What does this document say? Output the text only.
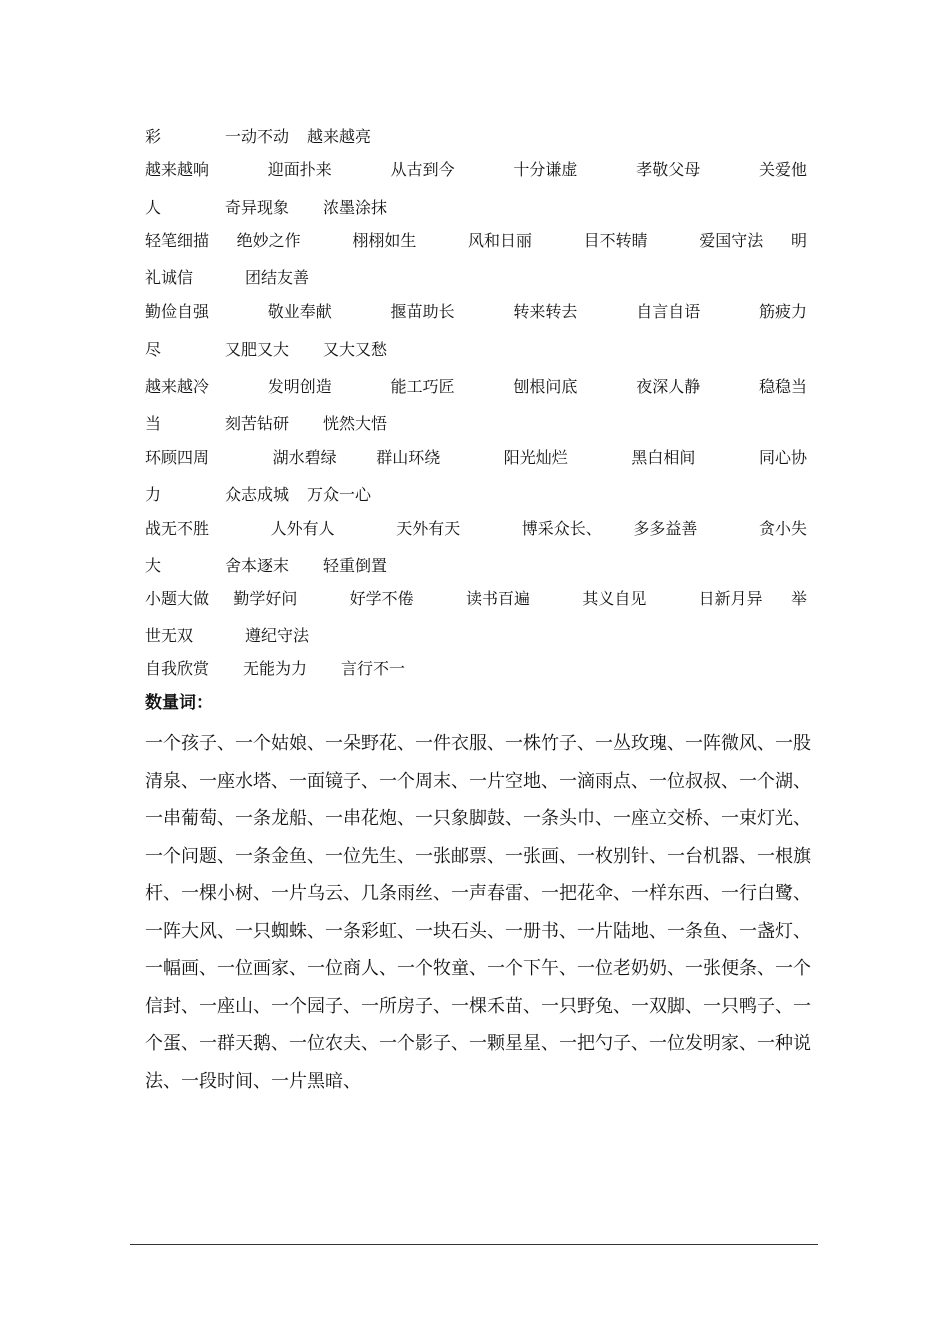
彩	一动不动 越来越亮
越来越响	迎面扑来	从古到今	十分谦虚	孝敬父母	关爱他
人	奇异现象 浓墨涂抹
轻笔细描 绝妙之作	栩栩如生	风和日丽	目不转睛	爱国守法 明
礼诚信	团结友善
勤俭自强	敬业奉献	揠苗助长	转来转去	自言自语	筋疲力
尽	又肥又大 又大又愁
越来越冷	发明创造	能工巧匠	刨根问底	夜深人静	稳稳当
当	刻苦钻研 恍然大悟
环顾四周	湖水碧绿 群山环绕	阳光灿烂	黑白相间	同心协
力	众志成城 万众一心
战无不胜	人外有人	天外有天	博采众长、 多多益善	贪小失
大	舍本逐末 轻重倒置
小题大做 勤学好问	好学不倦	读书百遍	其义自见	日新月异 举
世无双	遵纪守法
自我欣赏 无能为力 言行不一
数量词：

一个孩子、一个姑娘、一朵野花、一件衣服、一株竹子、一丛玫瑰、一阵微风、一股

清泉、一座水塔、一面镜子、一个周末、一片空地、一滴雨点、一位叔叔、一个湖、

一串葡萄、一条龙船、一串花炮、一只象脚鼓、一条头巾、一座立交桥、一束灯光、

一个问题、一条金鱼、一位先生、一张邮票、一张画、一枚别针、一台机器、一根旗

杆、一棵小树、一片乌云、几条雨丝、一声春雷、一把花伞、一样东西、一行白鹭、

一阵大风、一只蜘蛛、一条彩虹、一块石头、一册书、一片陆地、一条鱼、一盏灯、

一幅画、一位画家、一位商人、一个牧童、一个下午、一位老奶奶、一张便条、一个

信封、一座山、一个园子、一所房子、一棵禾苗、一只野兔、一双脚、一只鸭子、一

个蛋、一群天鹅、一位农夫、一个影子、一颗星星、一把勺子、一位发明家、一种说

法、一段时间、一片黑暗、
